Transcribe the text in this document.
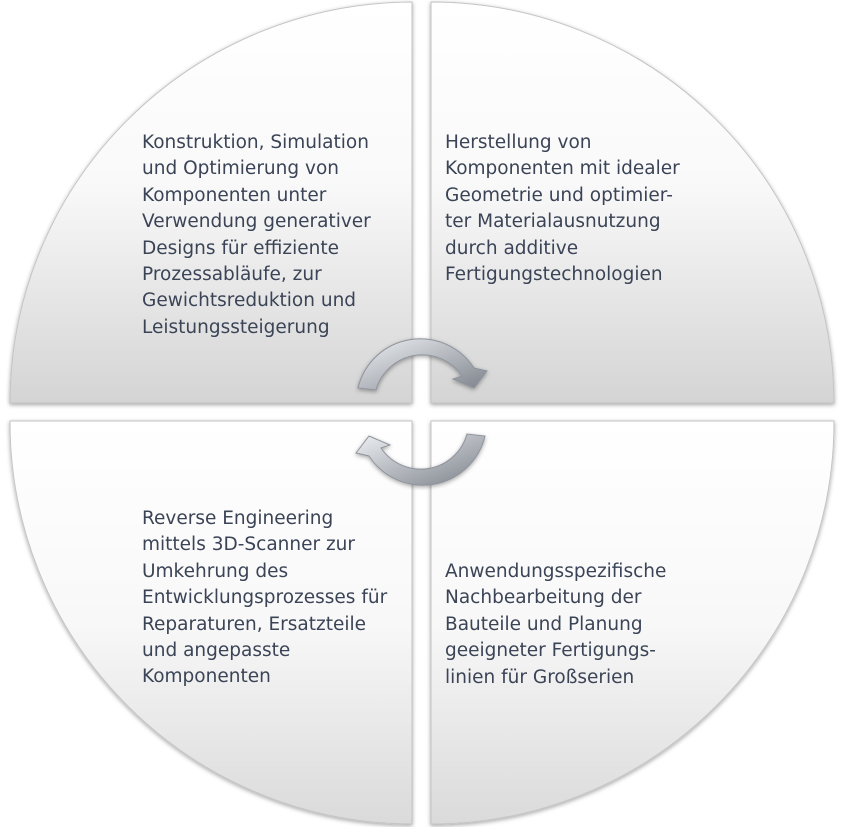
Konstruktion, Simulation
und Optimierung von
Komponenten unter
Verwendung generativer
Designs für effiziente
Prozessabläufe, zur
Gewichtsreduktion und
Leistungssteigerung

Herstellung von
Komponenten mit idealer
Geometrie und optimier-
ter Materialausnutzung
durch additive
Fertigungstechnologien

Reverse Engineering
mittels 3D-Scanner zur
Umkehrung des
Entwicklungsprozesses für
Reparaturen, Ersatzteile
und angepasste
Komponenten

Anwendungsspezifische
Nachbearbeitung der
Bauteile und Planung
geeigneter Fertigungs-
linien für Großserien
